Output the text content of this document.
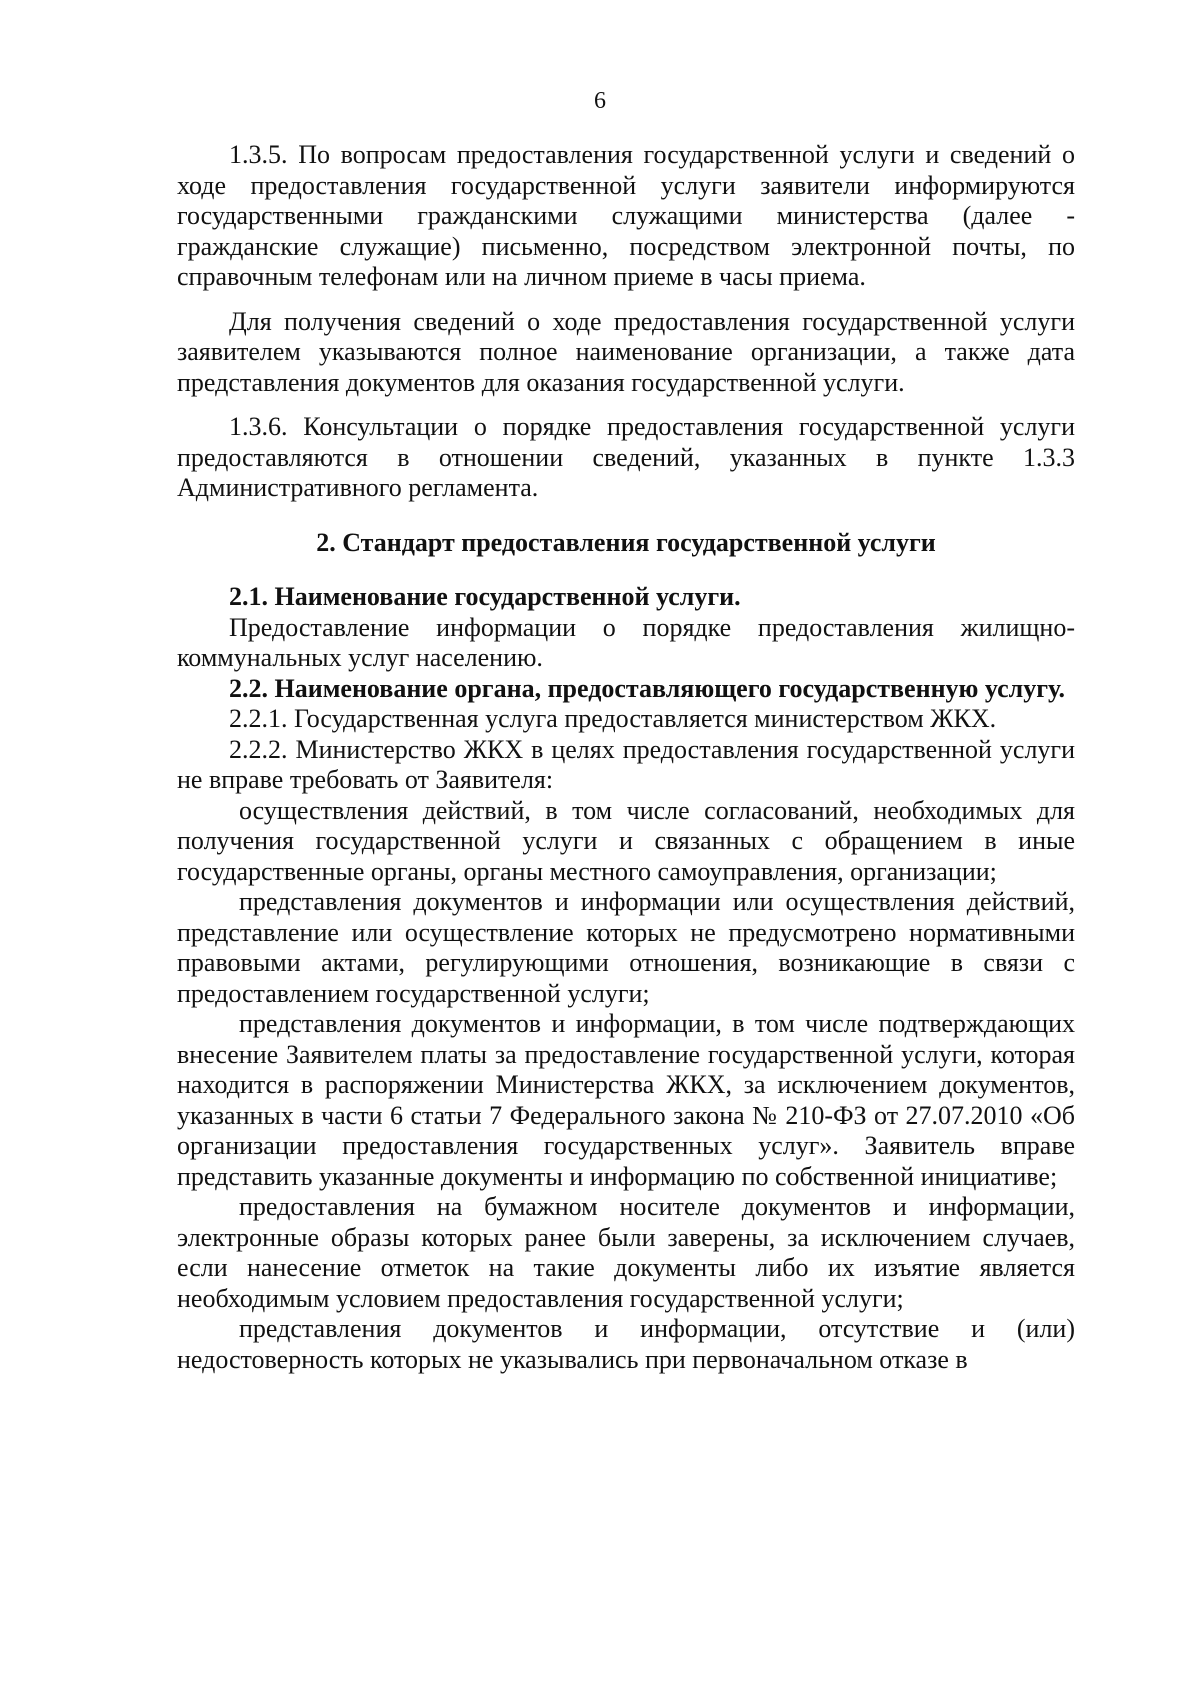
6

1.3.5. По вопросам предоставления государственной услуги и сведений о ходе предоставления государственной услуги заявители информируются государственными гражданскими служащими министерства (далее - гражданские служащие) письменно, посредством электронной почты, по справочным телефонам или на личном приеме в часы приема.

Для получения сведений о ходе предоставления государственной услуги заявителем указываются полное наименование организации, а также дата представления документов для оказания государственной услуги.

1.3.6. Консультации о порядке предоставления государственной услуги предоставляются в отношении сведений, указанных в пункте 1.3.3 Административного регламента.

2. Стандарт предоставления государственной услуги

2.1. Наименование государственной услуги.

Предоставление информации о порядке предоставления жилищно-коммунальных услуг населению.

2.2. Наименование органа, предоставляющего государственную услугу.

2.2.1. Государственная услуга предоставляется министерством ЖКХ.

2.2.2. Министерство ЖКХ в целях предоставления государственной услуги не вправе требовать от Заявителя:

осуществления действий, в том числе согласований, необходимых для получения государственной услуги и связанных с обращением в иные государственные органы, органы местного самоуправления, организации;

представления документов и информации или осуществления действий, представление или осуществление которых не предусмотрено нормативными правовыми актами, регулирующими отношения, возникающие в связи с предоставлением государственной услуги;

представления документов и информации, в том числе подтверждающих внесение Заявителем платы за предоставление государственной услуги, которая находится в распоряжении Министерства ЖКХ, за исключением документов, указанных в части 6 статьи 7 Федерального закона № 210-ФЗ от 27.07.2010 «Об организации предоставления государственных услуг». Заявитель вправе представить указанные документы и информацию по собственной инициативе;

предоставления на бумажном носителе документов и информации, электронные образы которых ранее были заверены, за исключением случаев, если нанесение отметок на такие документы либо их изъятие является необходимым условием предоставления государственной услуги;

представления документов и информации, отсутствие и (или) недостоверность которых не указывались при первоначальном отказе в
